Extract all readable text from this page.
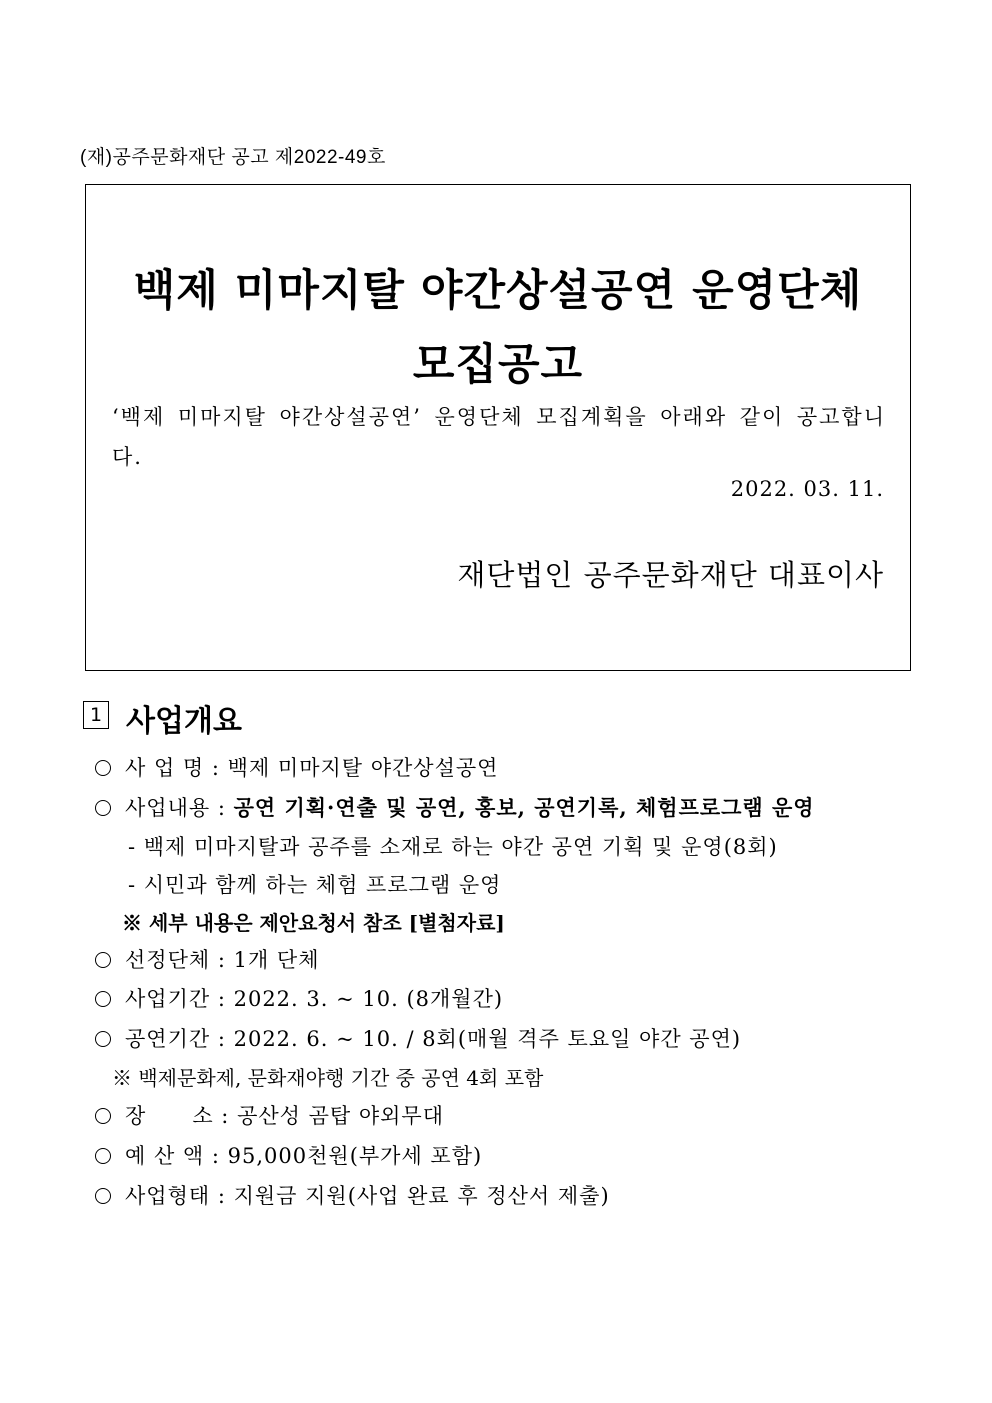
(재)공주문화재단 공고 제2022-49호
백제 미마지탈 야간상설공연 운영단체
모집공고
‘백제 미마지탈 야간상설공연’ 운영단체 모집계획을 아래와 같이 공고합니다.
2022. 03. 11.
재단법인 공주문화재단 대표이사
1 사업개요
사 업 명 : 백제 미마지탈 야간상설공연
사업내용 : 공연 기획·연출 및 공연, 홍보, 공연기록, 체험프로그램 운영
- 백제 미마지탈과 공주를 소재로 하는 야간 공연 기획 및 운영(8회)
- 시민과 함께 하는 체험 프로그램 운영
※ 세부 내용은 제안요청서 참조 [별첨자료]
선정단체 : 1개 단체
사업기간 : 2022. 3. ~ 10. (8개월간)
공연기간 : 2022. 6. ~ 10. / 8회(매월 격주 토요일 야간 공연)
※ 백제문화제, 문화재야행 기간 중 공연 4회 포함
장      소 : 공산성 곰탑 야외무대
예 산 액 : 95,000천원(부가세 포함)
사업형태 : 지원금 지원(사업 완료 후 정산서 제출)
